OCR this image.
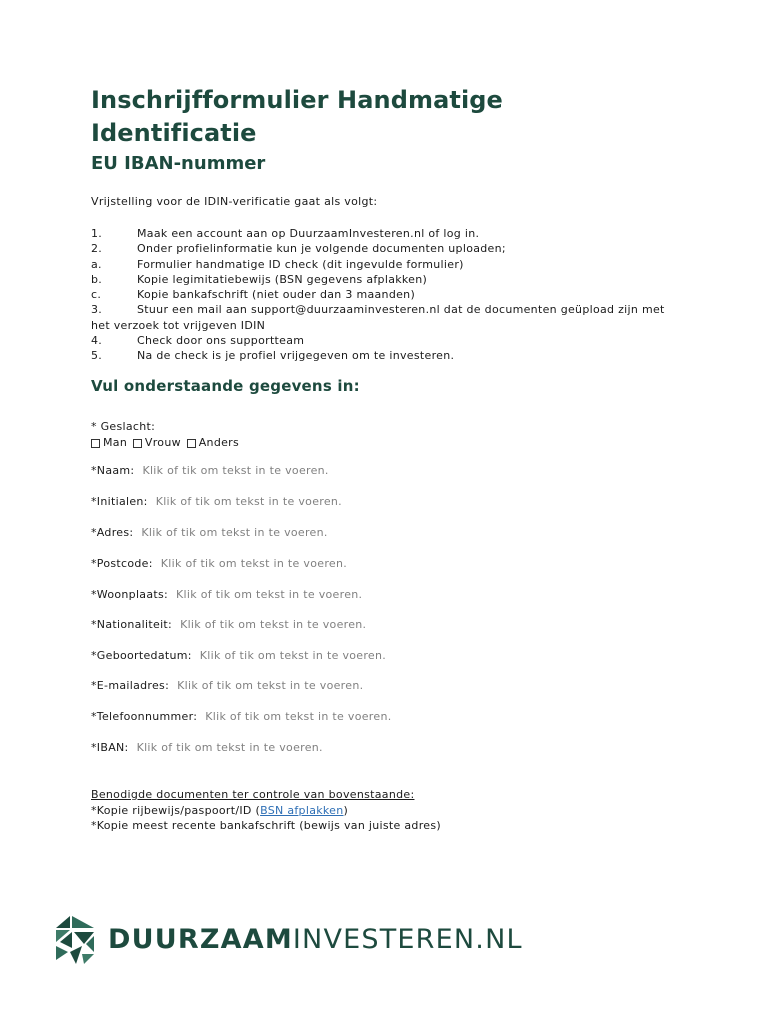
Inschrijfformulier Handmatige Identificatie
EU IBAN-nummer
Vrijstelling voor de IDIN-verificatie gaat als volgt:
1.	Maak een account aan op DuurzaamInvesteren.nl of log in.
2.	Onder profielinformatie kun je volgende documenten uploaden;
a.	Formulier handmatige ID check (dit ingevulde formulier)
b.	Kopie legimitatiebewijs (BSN gegevens afplakken)
c.	Kopie bankafschrift (niet ouder dan 3 maanden)
3.	Stuur een mail aan support@duurzaaminvesteren.nl dat de documenten geüpload zijn met het verzoek tot vrijgeven IDIN
4.	Check door ons supportteam
5.	Na de check is je profiel vrijgegeven om te investeren.
Vul onderstaande gegevens in:
* Geslacht:
Man
Vrouw
Anders
*Naam: Klik of tik om tekst in te voeren.
*Initialen: Klik of tik om tekst in te voeren.
*Adres: Klik of tik om tekst in te voeren.
*Postcode: Klik of tik om tekst in te voeren.
*Woonplaats: Klik of tik om tekst in te voeren.
*Nationaliteit: Klik of tik om tekst in te voeren.
*Geboortedatum: Klik of tik om tekst in te voeren.
*E-mailadres: Klik of tik om tekst in te voeren.
*Telefoonnummer: Klik of tik om tekst in te voeren.
*IBAN: Klik of tik om tekst in te voeren.
Benodigde documenten ter controle van bovenstaande:
*Kopie rijbewijs/paspoort/ID (BSN afplakken)
*Kopie meest recente bankafschrift (bewijs van juiste adres)
DUURZAAMINVESTEREN.NL
